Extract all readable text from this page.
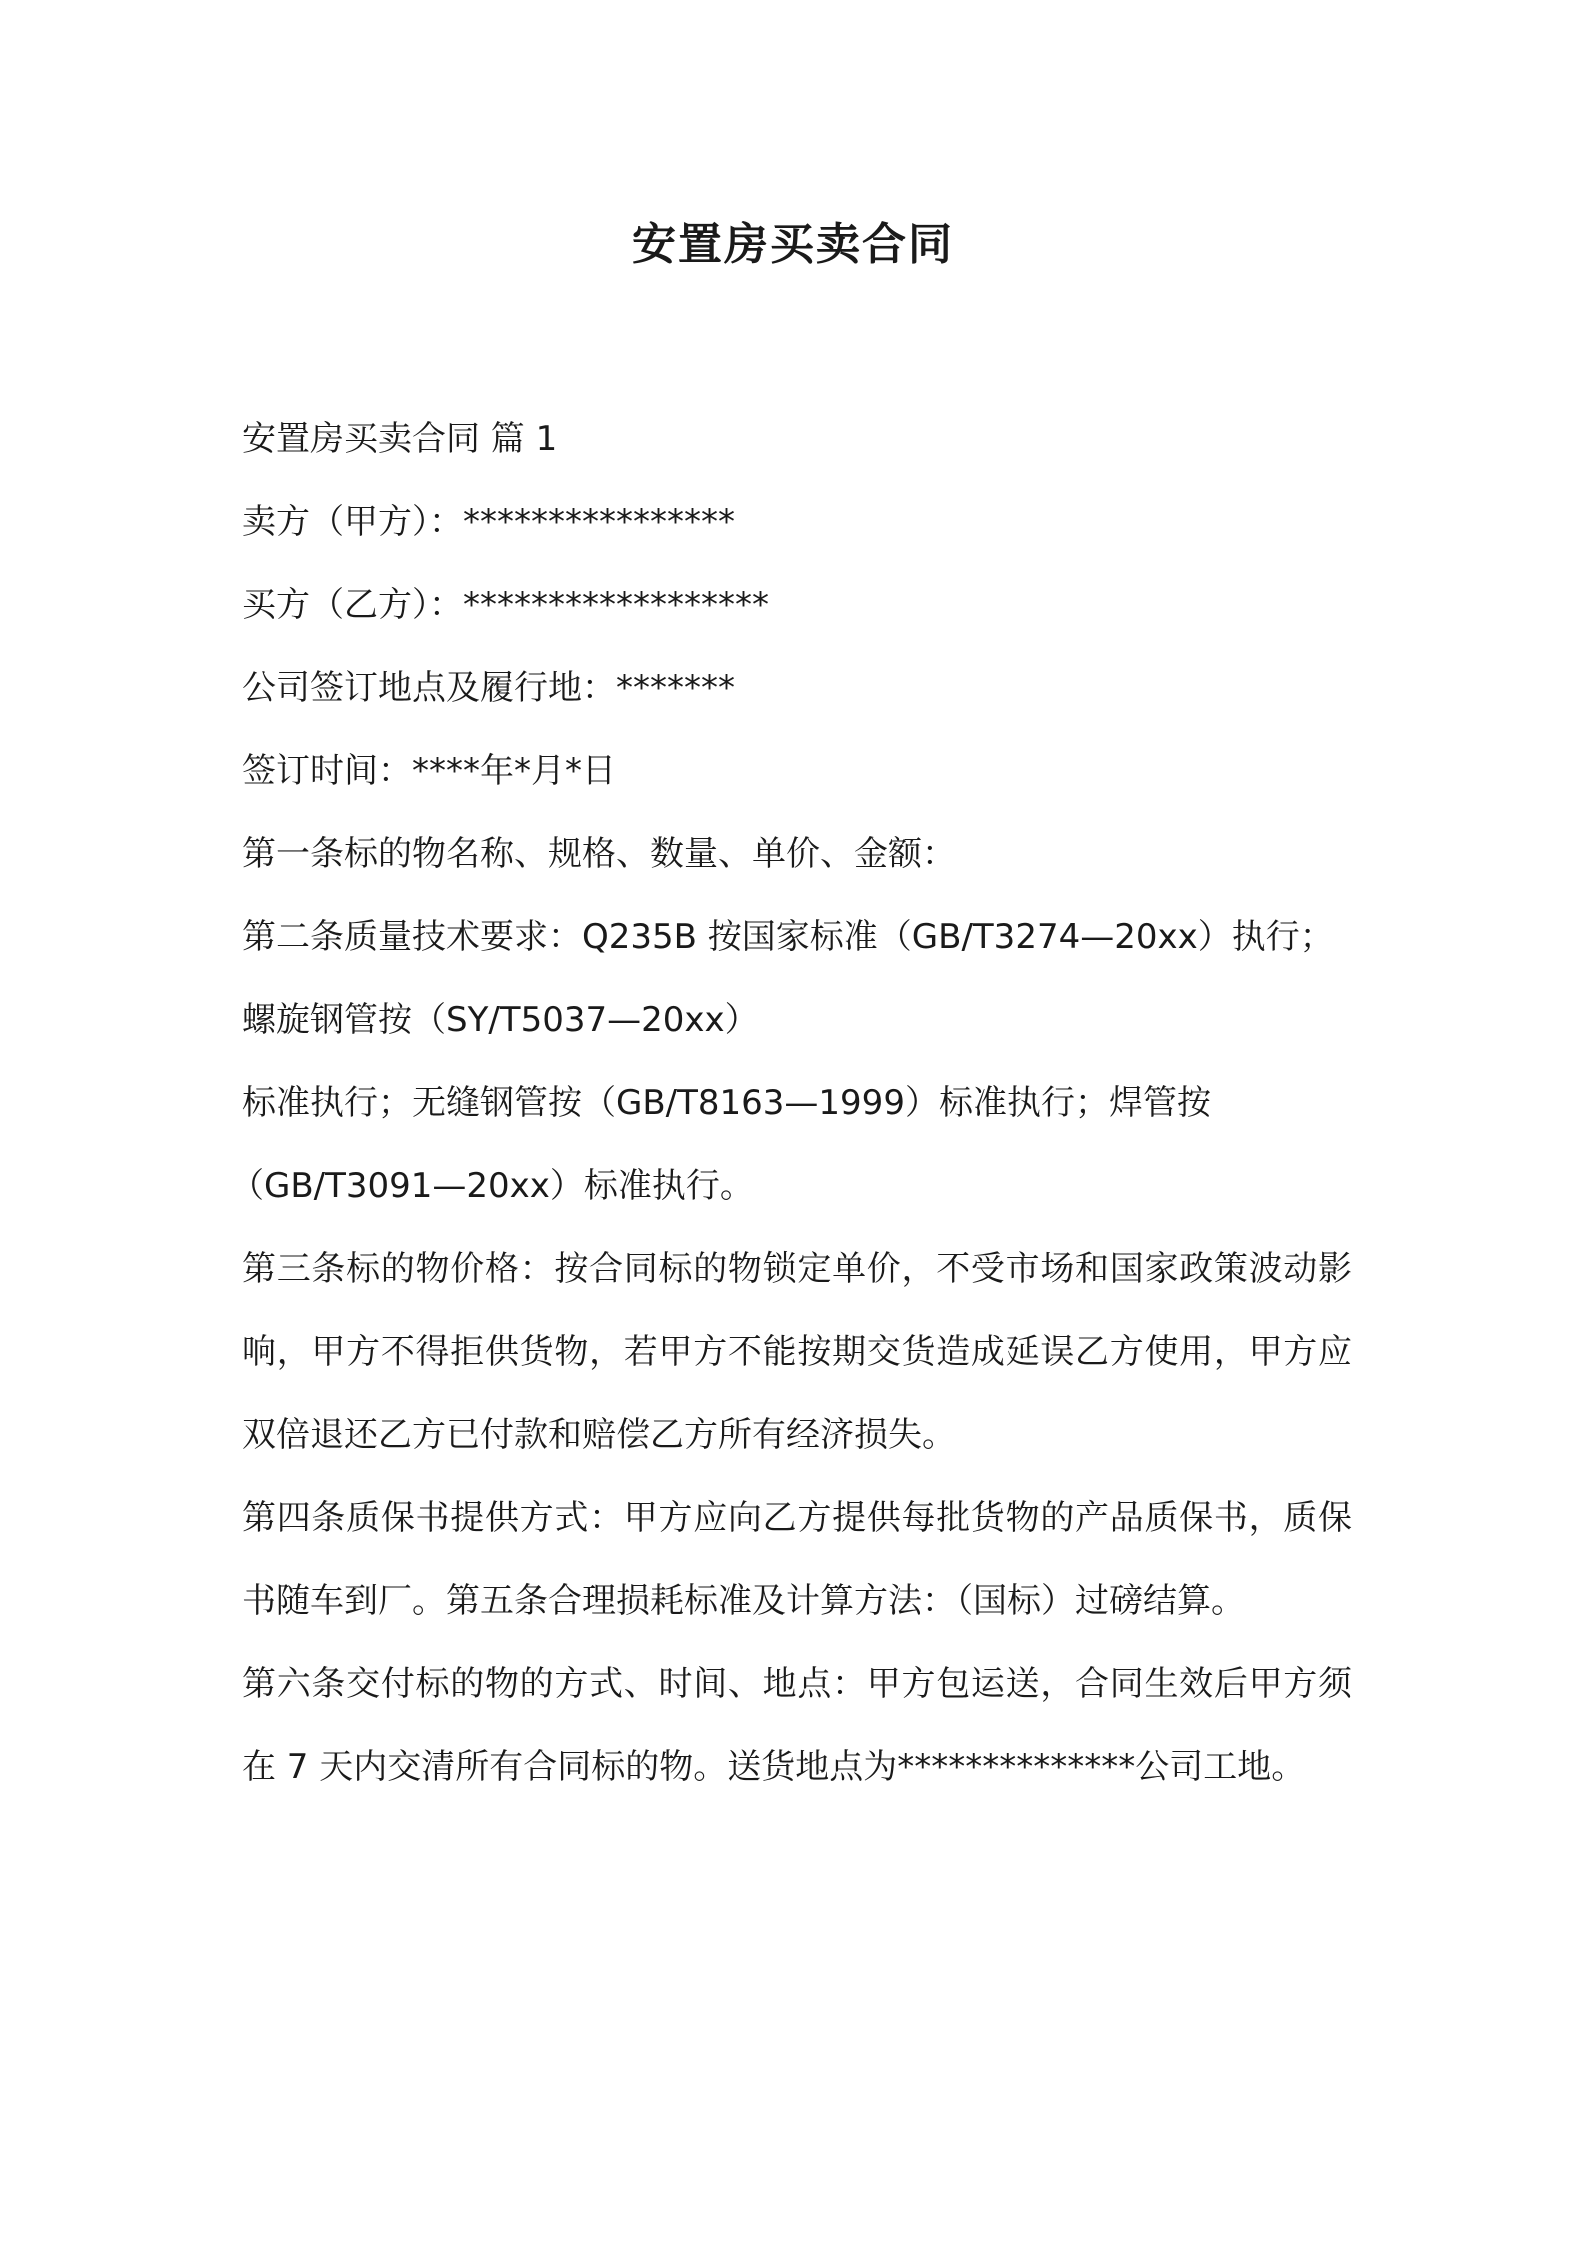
安置房买卖合同

安置房买卖合同 篇 1

卖方（甲方）：****************

买方（乙方）：******************

公司签订地点及履行地：*******

签订时间：****年*月*日

第一条标的物名称、规格、数量、单价、金额：

第二条质量技术要求：Q235B 按国家标准（GB/T3274—20xx）执行；

螺旋钢管按（SY/T5037—20xx）

标准执行；无缝钢管按（GB/T8163—1999）标准执行；焊管按

（GB/T3091—20xx）标准执行。

第三条标的物价格：按合同标的物锁定单价，不受市场和国家政策波动影响，甲方不得拒供货物，若甲方不能按期交货造成延误乙方使用，甲方应双倍退还乙方已付款和赔偿乙方所有经济损失。

第四条质保书提供方式：甲方应向乙方提供每批货物的产品质保书，质保书随车到厂。第五条合理损耗标准及计算方法：（国标）过磅结算。

第六条交付标的物的方式、时间、地点：甲方包运送，合同生效后甲方须在 7 天内交清所有合同标的物。送货地点为**************公司工地。
